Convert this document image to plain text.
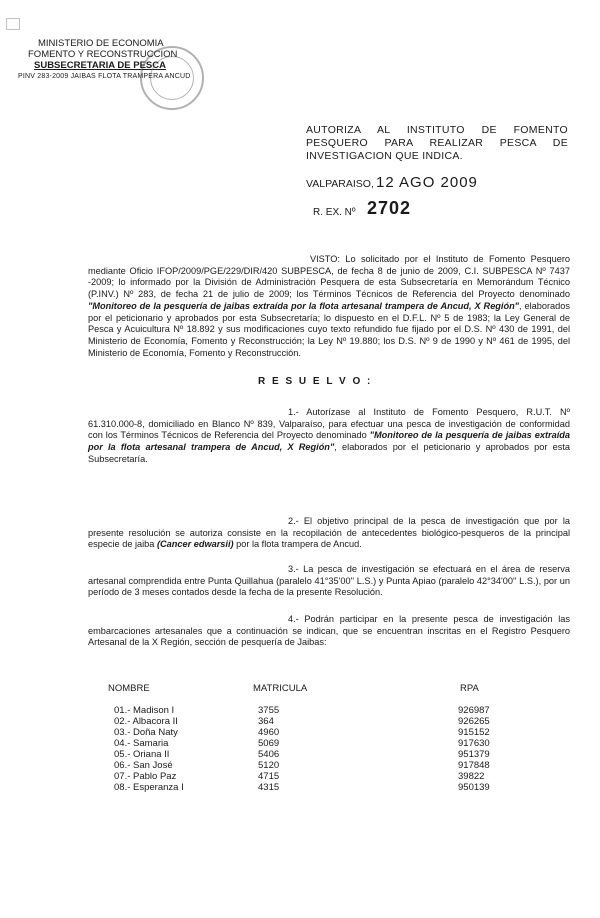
MINISTERIO DE ECONOMIA
FOMENTO Y RECONSTRUCCION
SUBSECRETARIA DE PESCA
PINV 283-2009 JAIBAS FLOTA TRAMPERA ANCUD
AUTORIZA AL INSTITUTO DE FOMENTO PESQUERO PARA REALIZAR PESCA DE INVESTIGACION QUE INDICA.
VALPARAISO, 12 AGO 2009
R. EX. Nº 2702
VISTO: Lo solicitado por el Instituto de Fomento Pesquero mediante Oficio IFOP/2009/PGE/229/DIR/420 SUBPESCA, de fecha 8 de junio de 2009, C.I. SUBPESCA Nº 7437 -2009; lo informado por la División de Administración Pesquera de esta Subsecretaría en Memorándum Técnico (P.INV.) Nº 283, de fecha 21 de julio de 2009; los Términos Técnicos de Referencia del Proyecto denominado "Monitoreo de la pesquería de jaibas extraída por la flota artesanal trampera de Ancud, X Región", elaborados por el peticionario y aprobados por esta Subsecretaría; lo dispuesto en el D.F.L. Nº 5 de 1983; la Ley General de Pesca y Acuicultura Nº 18.892 y sus modificaciones cuyo texto refundido fue fijado por el D.S. Nº 430 de 1991, del Ministerio de Economía, Fomento y Reconstrucción; la Ley Nº 19.880; los D.S. Nº 9 de 1990 y Nº 461 de 1995, del Ministerio de Economía, Fomento y Reconstrucción.
R E S U E L V O :
1.- Autorízase al Instituto de Fomento Pesquero, R.U.T. Nº 61.310.000-8, domiciliado en Blanco Nº 839, Valparaíso, para efectuar una pesca de investigación de conformidad con los Términos Técnicos de Referencia del Proyecto denominado "Monitoreo de la pesquería de jaibas extraída por la flota artesanal trampera de Ancud, X Región", elaborados por el peticionario y aprobados por esta Subsecretaría.
2.- El objetivo principal de la pesca de investigación que por la presente resolución se autoriza consiste en la recopilación de antecedentes biológico-pesqueros de la principal especie de jaiba (Cancer edwarsii) por la flota trampera de Ancud.
3.- La pesca de investigación se efectuará en el área de reserva artesanal comprendida entre Punta Quillahua (paralelo 41°35'00'' L.S.) y Punta Apiao (paralelo 42°34'00'' L.S.), por un período de 3 meses contados desde la fecha de la presente Resolución.
4.- Podrán participar en la presente pesca de investigación las embarcaciones artesanales que a continuación se indican, que se encuentran inscritas en el Registro Pesquero Artesanal de la X Región, sección de pesquería de Jaibas:
NOMBRE	MATRICULA	RPA
01.- Madison I	3755	926987
02.- Albacora II	364	926265
03.- Doña Naty	4960	915152
04.- Samaria	5069	917630
05.- Oriana II	5406	951379
06.- San José	5120	917848
07.- Pablo Paz	4715	39822
08.- Esperanza I	4315	950139
